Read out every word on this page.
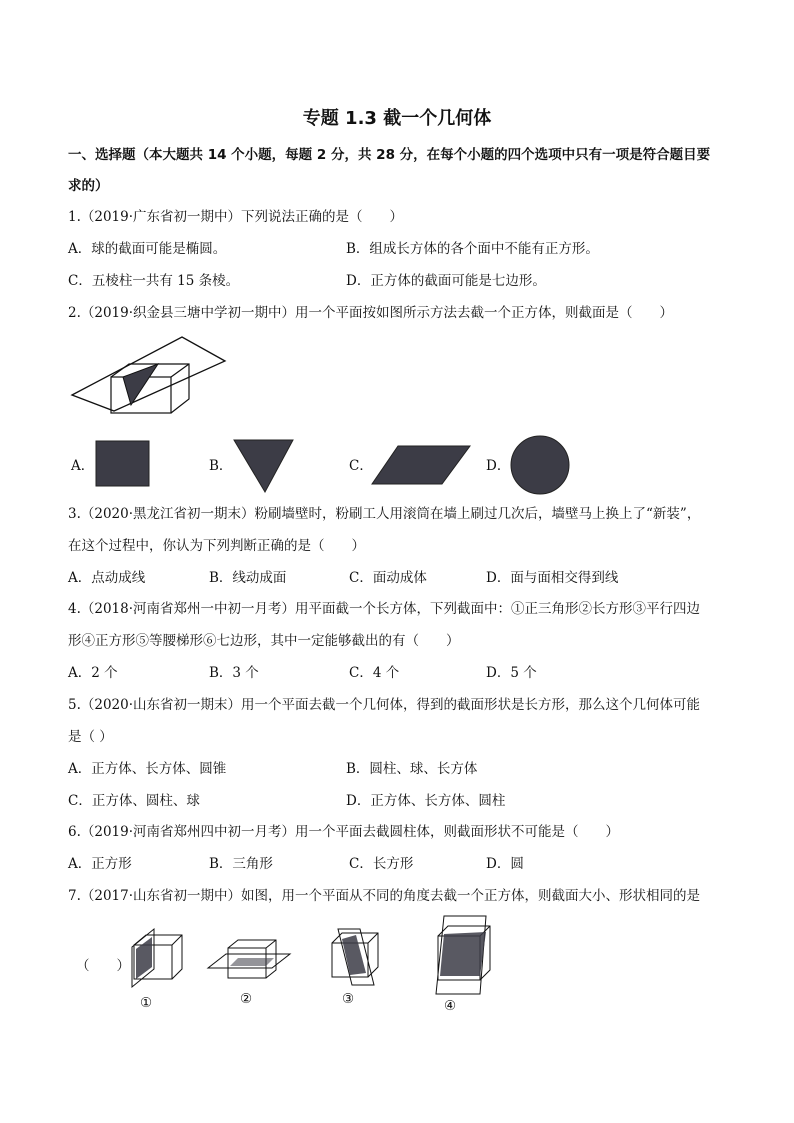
专题 1.3 截一个几何体
一、选择题（本大题共 14 个小题，每题 2 分，共 28 分，在每个小题的四个选项中只有一项是符合题目要
求的）
1.（2019·广东省初一期中）下列说法正确的是（　　）
A．球的截面可能是椭圆。	B．组成长方体的各个面中不能有正方形。
C．五棱柱一共有 15 条棱。	D．正方体的截面可能是七边形。
2.（2019·织金县三塘中学初一期中）用一个平面按如图所示方法去截一个正方体，则截面是（　　）
A．	B．	C．	D．
3.（2020·黑龙江省初一期末）粉刷墙壁时，粉刷工人用滚筒在墙上刷过几次后，墙壁马上换上了“新装”，
在这个过程中，你认为下列判断正确的是（　　）
A．点动成线	B．线动成面	C．面动成体	D．面与面相交得到线
4.（2018·河南省郑州一中初一月考）用平面截一个长方体，下列截面中：①正三角形②长方形③平行四边
形④正方形⑤等腰梯形⑥七边形，其中一定能够截出的有（　　）
A．2 个	B．3 个	C．4 个	D．5 个
5.（2020·山东省初一期末）用一个平面去截一个几何体，得到的截面形状是长方形，那么这个几何体可能
是（ ）
A．正方体、长方体、圆锥	B．圆柱、球、长方体
C．正方体、圆柱、球	D．正方体、长方体、圆柱
6.（2019·河南省郑州四中初一月考）用一个平面去截圆柱体，则截面形状不可能是（　　）
A．正方形	B．三角形	C．长方形	D．圆
7.（2017·山东省初一期中）如图，用一个平面从不同的角度去截一个正方体，则截面大小、形状相同的是
（　　）
①	②	③	④
